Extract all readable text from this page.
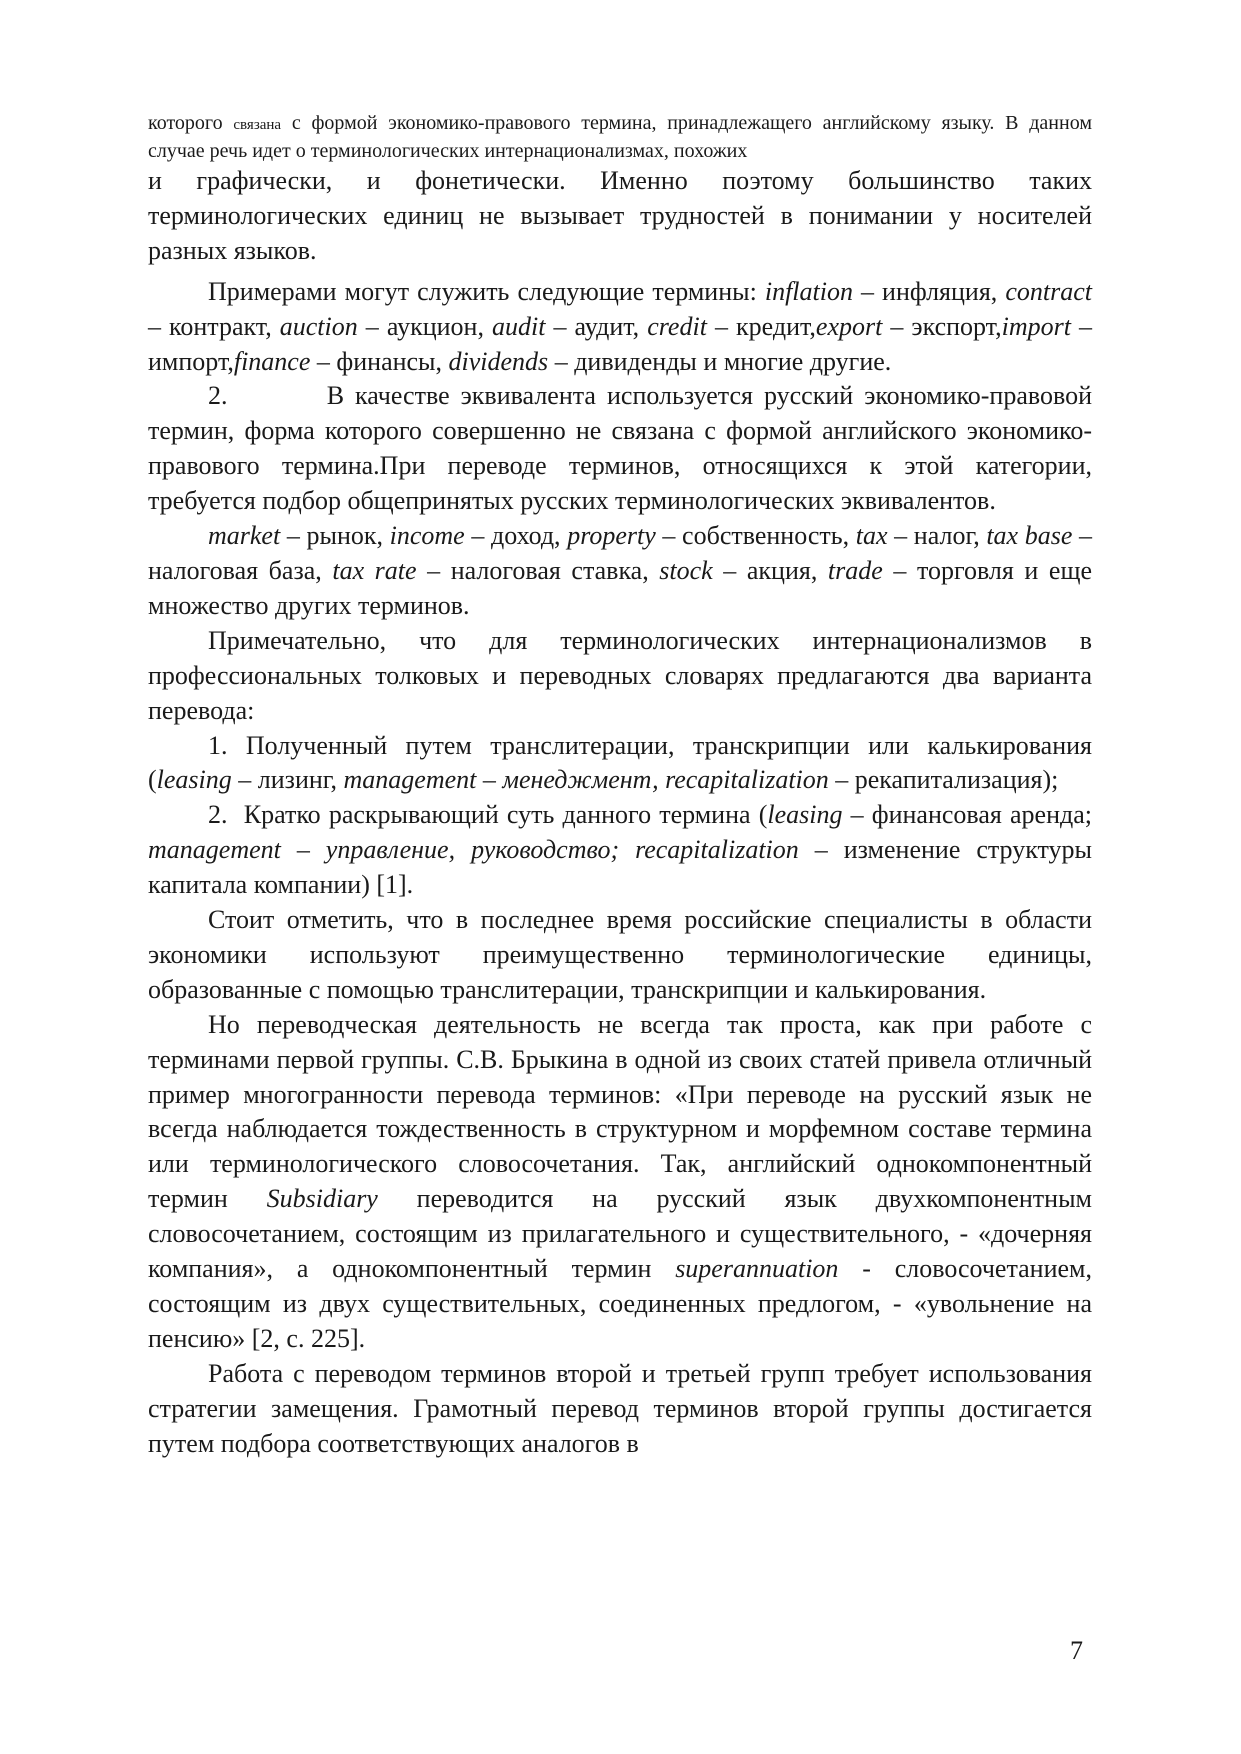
которого связана с формой экономико-правового термина, принадлежащего английскому языку. В данном случае речь идет о терминологических интернационализмах, похожих

и графически, и фонетически. Именно поэтому большинство таких терминологических единиц не вызывает трудностей в понимании у носителей разных языков.

Примерами могут служить следующие термины: inflation – инфляция, contract – контракт, auction – аукцион, audit – аудит, credit – кредит,export – экспорт,import – импорт,finance – финансы, dividends – дивиденды и многие другие.

2.         В качестве эквивалента используется русский экономико-правовой термин, форма которого совершенно не связана с формой английского экономико-правового термина.При переводе терминов, относящихся к этой категории, требуется подбор общепринятых русских терминологических эквивалентов.

market – рынок, income – доход, property – собственность, tax – налог, tax base – налоговая база, tax rate – налоговая ставка, stock – акция, trade – торговля и еще множество других терминов.

Примечательно, что для терминологических интернационализмов в профессиональных толковых и переводных словарях предлагаются два варианта перевода:

1. Полученный путем транслитерации, транскрипции или калькирования (leasing – лизинг, management – менеджмент, recapitalization – рекапитализация);

2.  Кратко раскрывающий суть данного термина (leasing – финансовая аренда; management – управление, руководство; recapitalization – изменение структуры капитала компании) [1].

Стоит отметить, что в последнее время российские специалисты в области экономики используют преимущественно терминологические единицы, образованные с помощью транслитерации, транскрипции и калькирования.

Но переводческая деятельность не всегда так проста, как при работе с терминами первой группы. С.В. Брыкина в одной из своих статей привела отличный пример многогранности перевода терминов: «При переводе на русский язык не всегда наблюдается тождественность в структурном и морфемном составе термина или терминологического словосочетания. Так, английский однокомпонентный термин Subsidiary переводится на русский язык двухкомпонентным словосочетанием, состоящим из прилагательного и существительного, - «дочерняя компания», а однокомпонентный термин superannuation - словосочетанием, состоящим из двух существительных, соединенных предлогом, - «увольнение на пенсию» [2, с. 225].

Работа с переводом терминов второй и третьей групп требует использования стратегии замещения. Грамотный перевод терминов второй группы достигается путем подбора соответствующих аналогов в

7
